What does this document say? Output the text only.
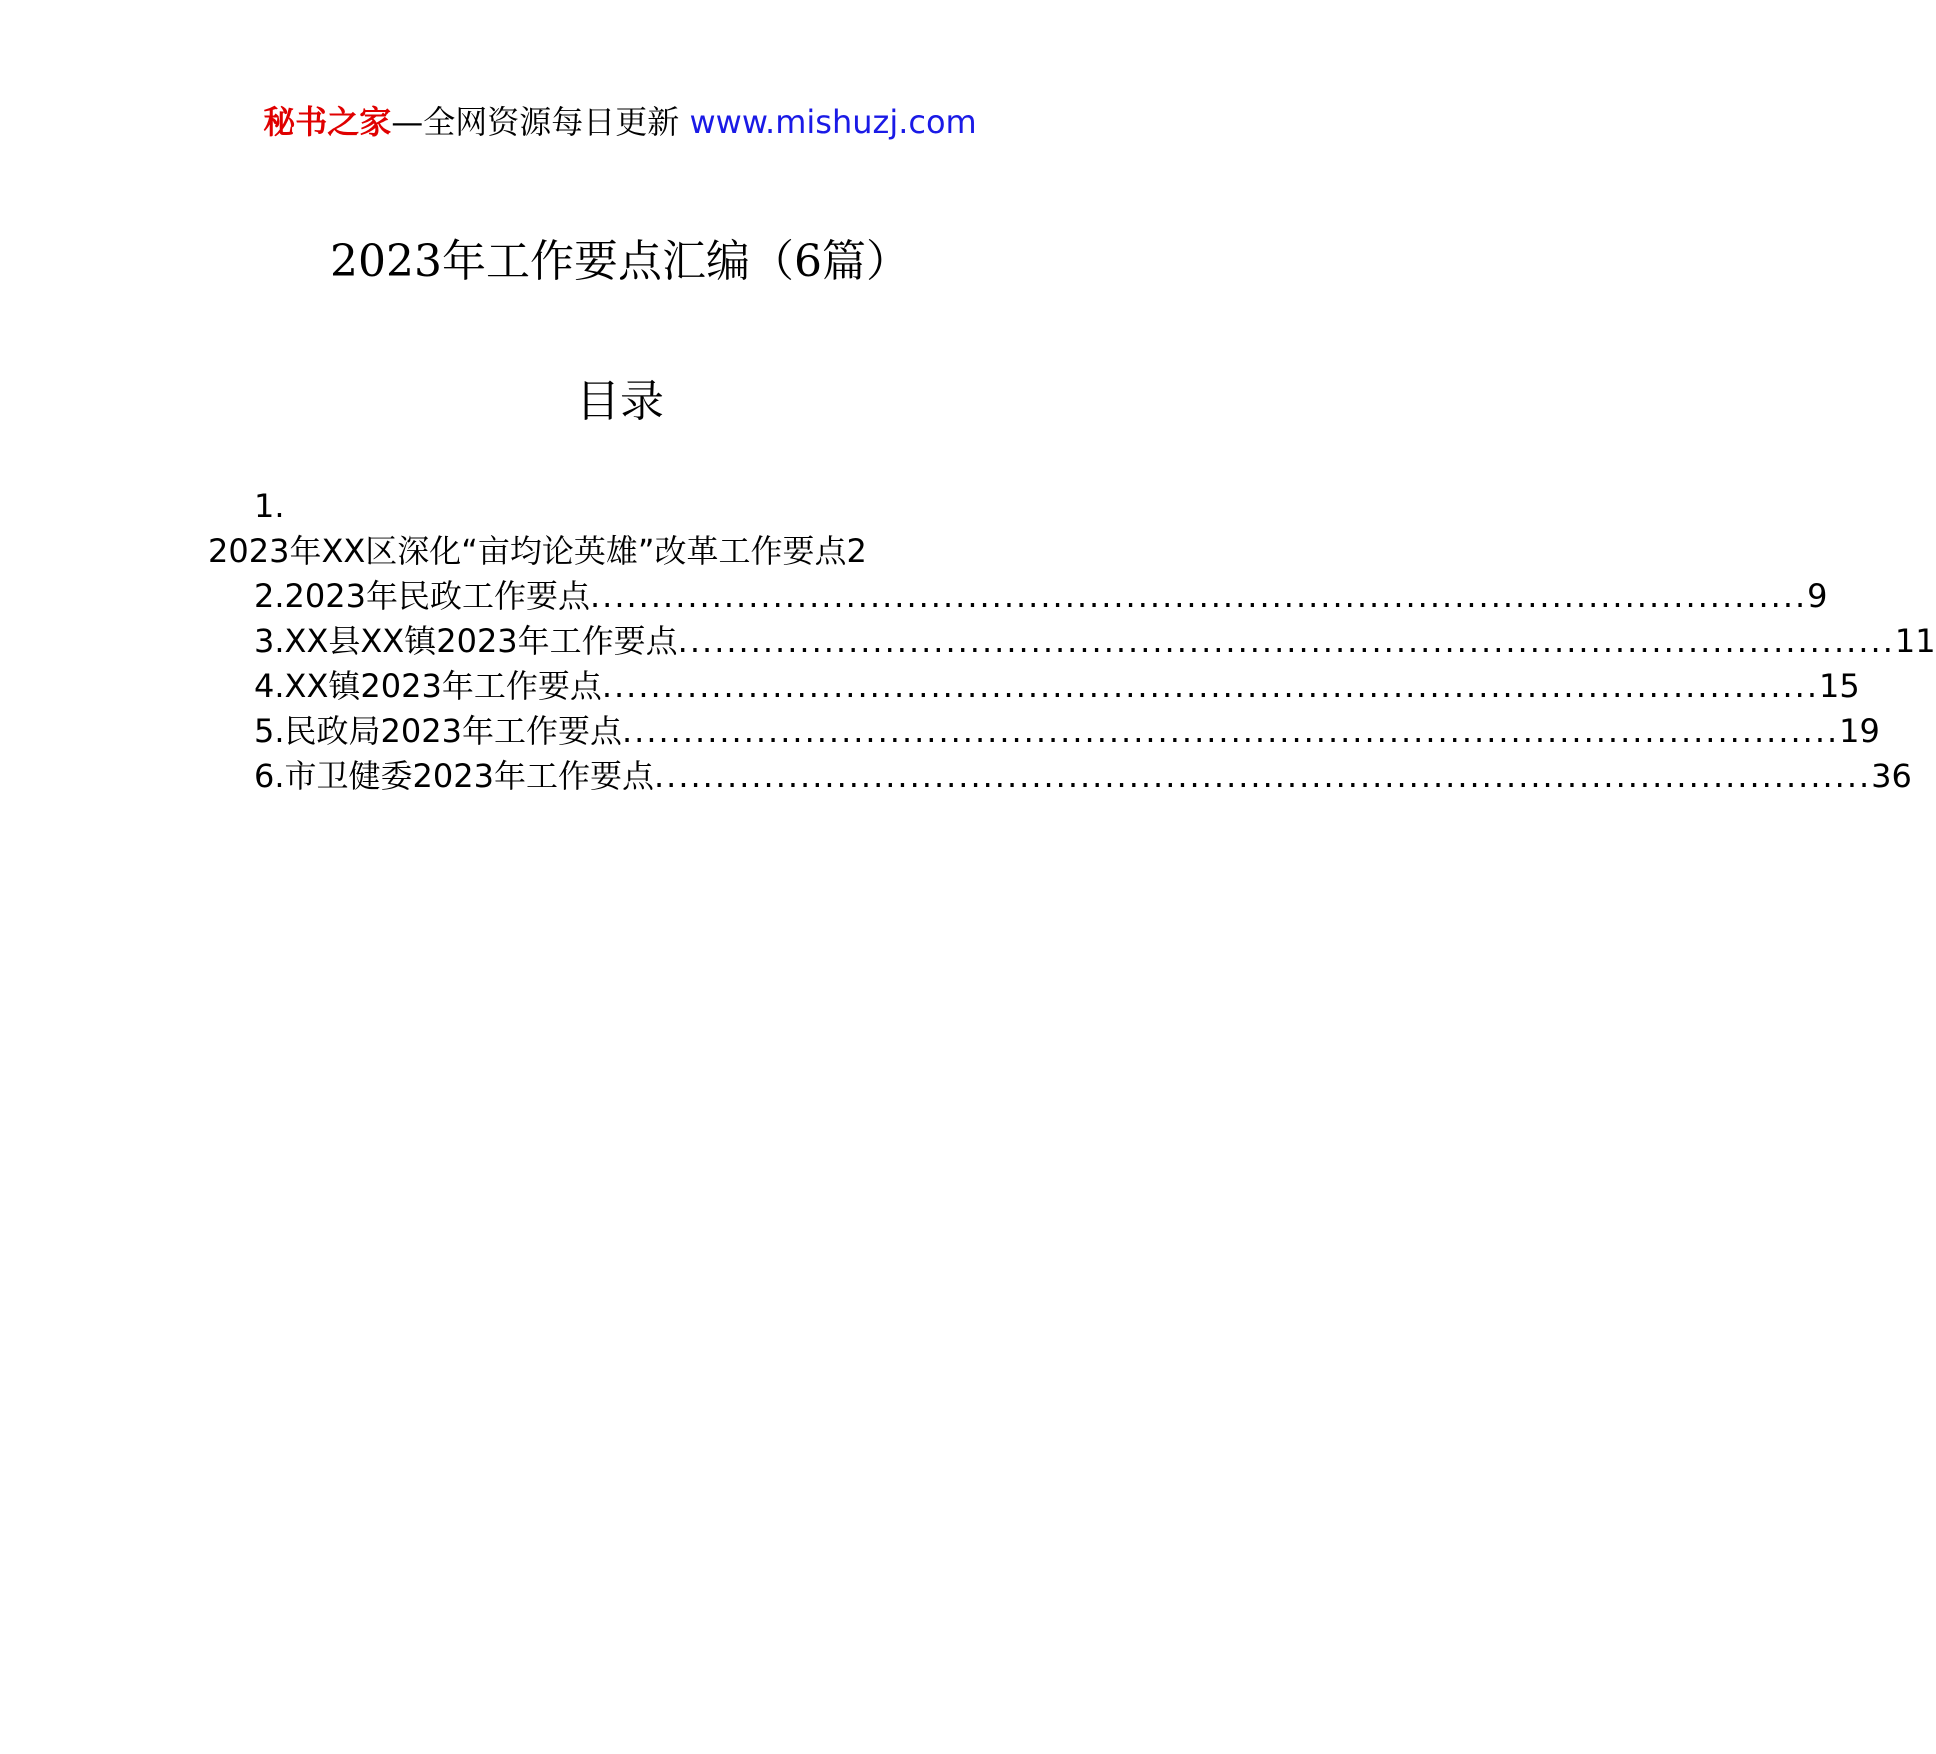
秘书之家—全网资源每日更新 www.mishuzj.com
2023年工作要点汇编（6篇）
目录
1.
2023年XX区深化“亩均论英雄”改革工作要点2
2.2023年民政工作要点 .................................................................................................... 9
3.XX县XX镇2023年工作要点 .................................................................................................... 11
4.XX镇2023年工作要点 .................................................................................................... 15
5.民政局2023年工作要点 .................................................................................................... 19
6.市卫健委2023年工作要点 .................................................................................................... 36
